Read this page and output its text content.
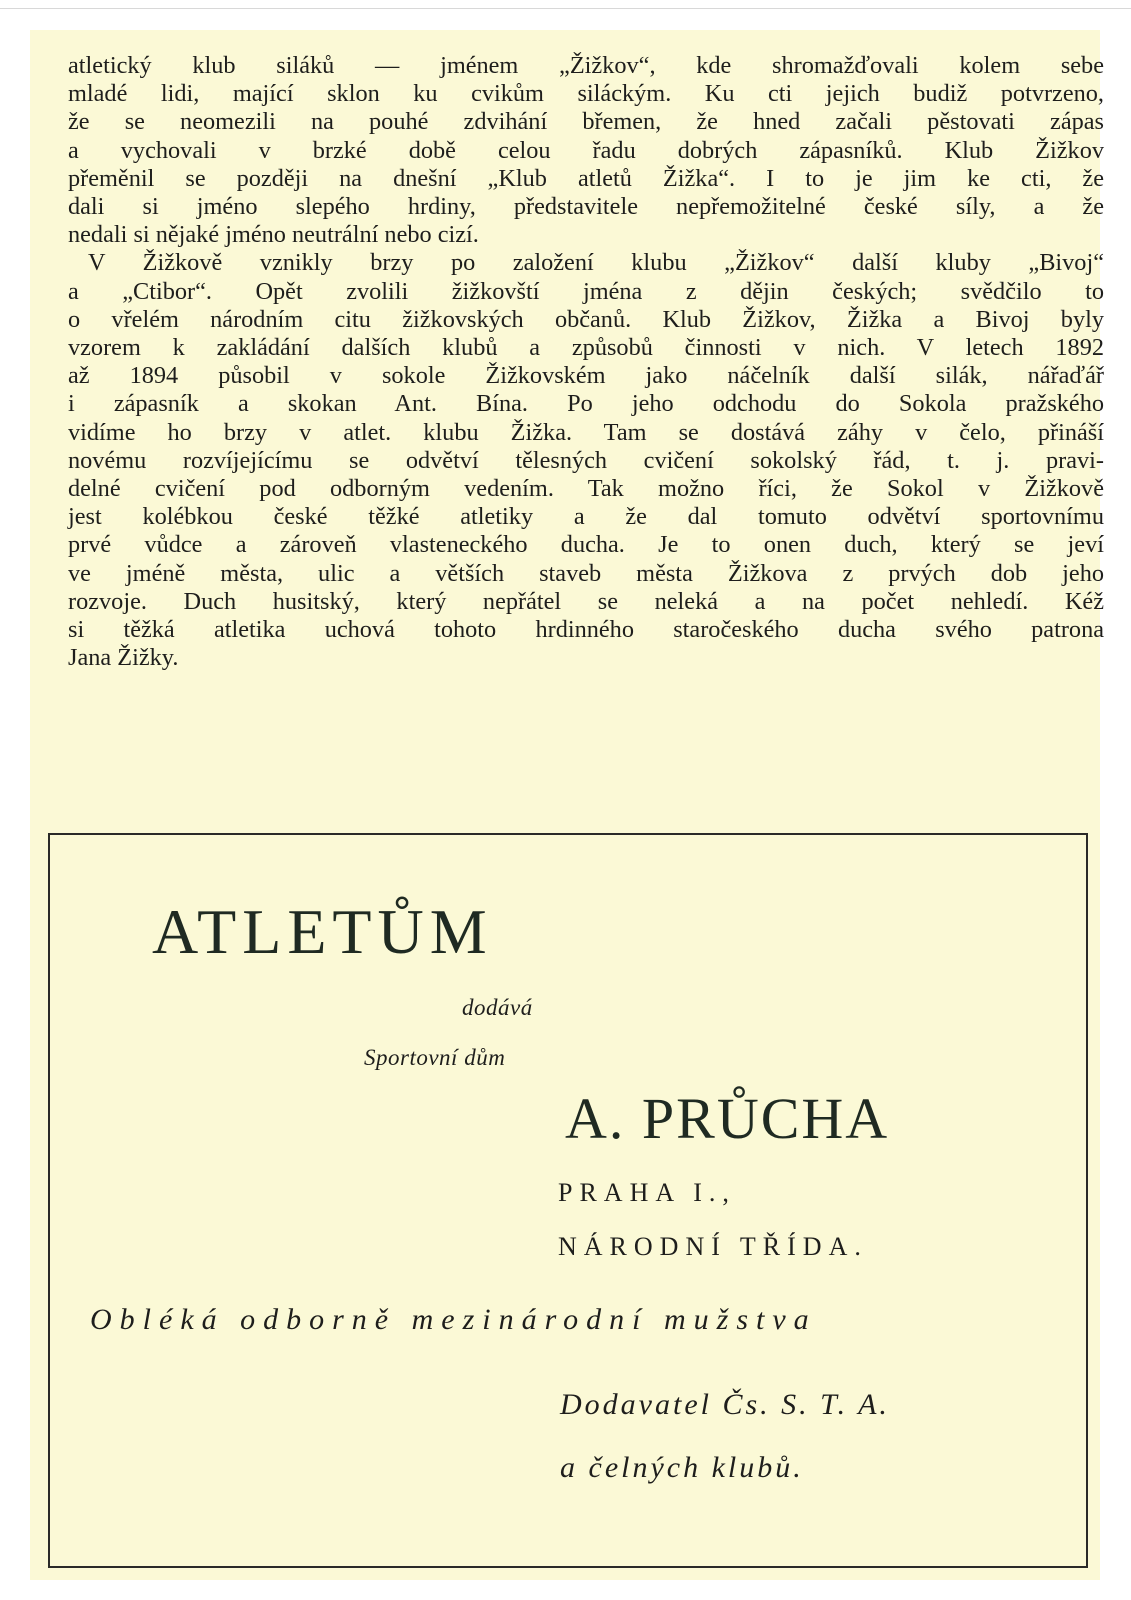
atletický klub siláků — jménem „Žižkov“, kde shromažďovali kolem sebe
mladé lidi, mající sklon ku cvikům siláckým. Ku cti jejich budiž potvrzeno,
že se neomezili na pouhé zdvihání břemen, že hned začali pěstovati zápas
a vychovali v brzké době celou řadu dobrých zápasníků. Klub Žižkov
přeměnil se později na dnešní „Klub atletů Žižka“. I to je jim ke cti, že
dali si jméno slepého hrdiny, představitele nepřemožitelné české síly, a že
nedali si nějaké jméno neutrální nebo cizí.
V Žižkově vznikly brzy po založení klubu „Žižkov“ další kluby „Bivoj“
a „Ctibor“. Opět zvolili žižkovští jména z dějin českých; svědčilo to
o vřelém národním citu žižkovských občanů. Klub Žižkov, Žižka a Bivoj byly
vzorem k zakládání dalších klubů a způsobů činnosti v nich. V letech 1892
až 1894 působil v sokole Žižkovském jako náčelník další silák, nářaďář
i zápasník a skokan Ant. Bína. Po jeho odchodu do Sokola pražského
vidíme ho brzy v atlet. klubu Žižka. Tam se dostává záhy v čelo, přináší
novému rozvíjejícímu se odvětví tělesných cvičení sokolský řád, t. j. pravi-
delné cvičení pod odborným vedením. Tak možno říci, že Sokol v Žižkově
jest kolébkou české těžké atletiky a že dal tomuto odvětví sportovnímu
prvé vůdce a zároveň vlasteneckého ducha. Je to onen duch, který se jeví
ve jméně města, ulic a větších staveb města Žižkova z prvých dob jeho
rozvoje. Duch husitský, který nepřátel se neleká a na počet nehledí. Kéž
si těžká atletika uchová tohoto hrdinného staročeského ducha svého patrona
Jana Žižky.
ATLETŮM
dodává
Sportovní dům
A. PRŮCHA
PRAHA I.,
NÁRODNÍ TŘÍDA.
Obléká odborně mezinárodní mužstva
Dodavatel Čs. S. T. A.
a čelných klubů.
